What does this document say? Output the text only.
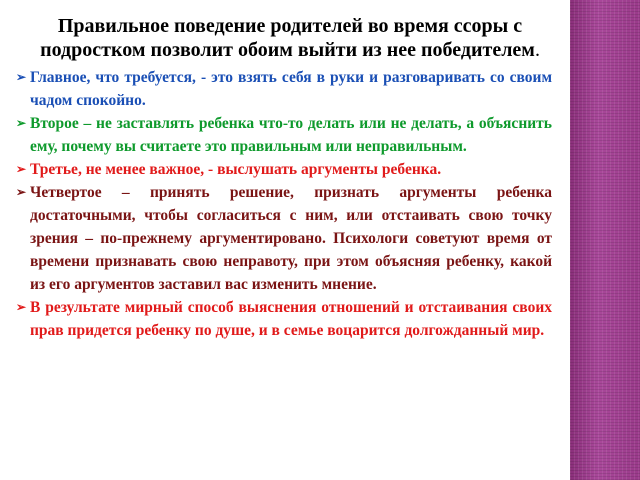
Правильное поведение родителей во время ссоры с подростком позволит обоим выйти из нее победителем.
➢ Главное, что требуется, - это взять себя в руки и разговаривать со своим чадом спокойно.
➢ Второе – не заставлять ребенка что-то делать или не делать, а объяснить ему, почему вы считаете это правильным или неправильным.
➢ Третье, не менее важное, - выслушать аргументы ребенка.
➢ Четвертое – принять решение, признать аргументы ребенка достаточными, чтобы согласиться с ним, или отстаивать свою точку зрения – по-прежнему аргументировано. Психологи советуют время от времени признавать свою неправоту, при этом объясняя ребенку, какой из его аргументов заставил вас изменить мнение.
➢ В результате мирный способ выяснения отношений и отстаивания своих прав придется ребенку по душе, и в семье воцарится долгожданный мир.
